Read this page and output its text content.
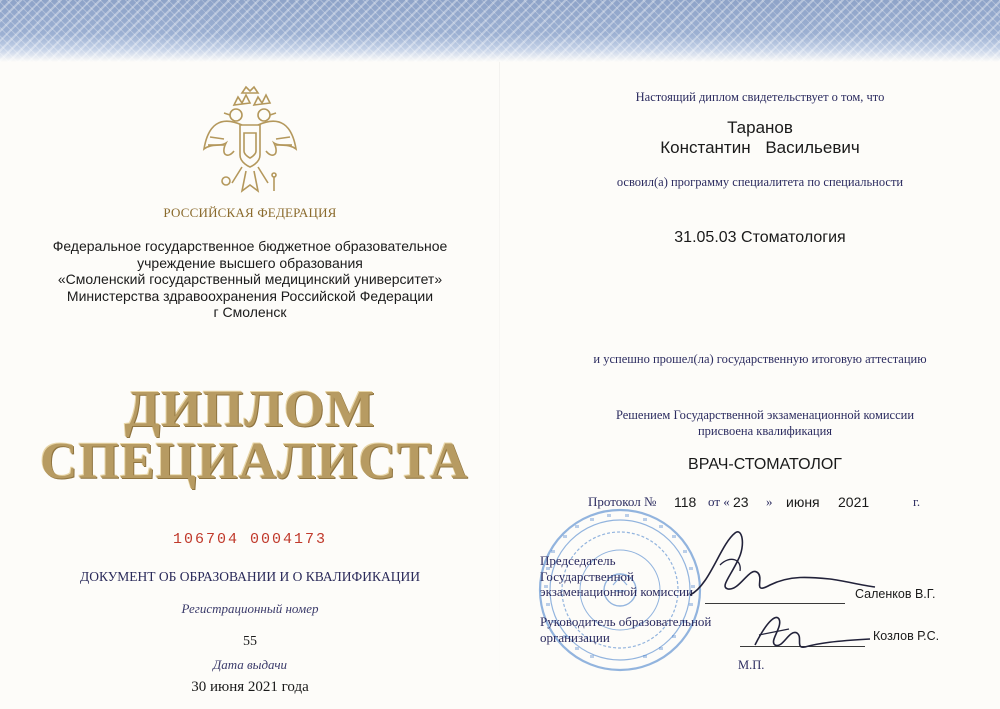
РОССИЙСКАЯ ФЕДЕРАЦИЯ
Федеральное государственное бюджетное образовательное
учреждение высшего образования
«Смоленский государственный медицинский университет»
Министерства здравоохранения Российской Федерации
г Смоленск
ДИПЛОМ
СПЕЦИАЛИСТА
106704 0004173
ДОКУМЕНТ ОБ ОБРАЗОВАНИИ И О КВАЛИФИКАЦИИ
Регистрационный номер
55
Дата выдачи
30 июня 2021 года
Настоящий диплом свидетельствует о том, что
Таранов
Константин Васильевич
освоил(а) программу специалитета по специальности
31.05.03 Стоматология
и успешно прошел(ла) государственную итоговую аттестацию
Решением Государственной экзаменационной комиссии
присвоена квалификация
ВРАЧ-СТОМАТОЛОГ
Протокол № 118 от « 23 » июня 2021	г.
Председатель
Государственной
экзаменационной комиссии	Саленков В.Г.
Руководитель образовательной
организации	Козлов Р.С.
М.П.
